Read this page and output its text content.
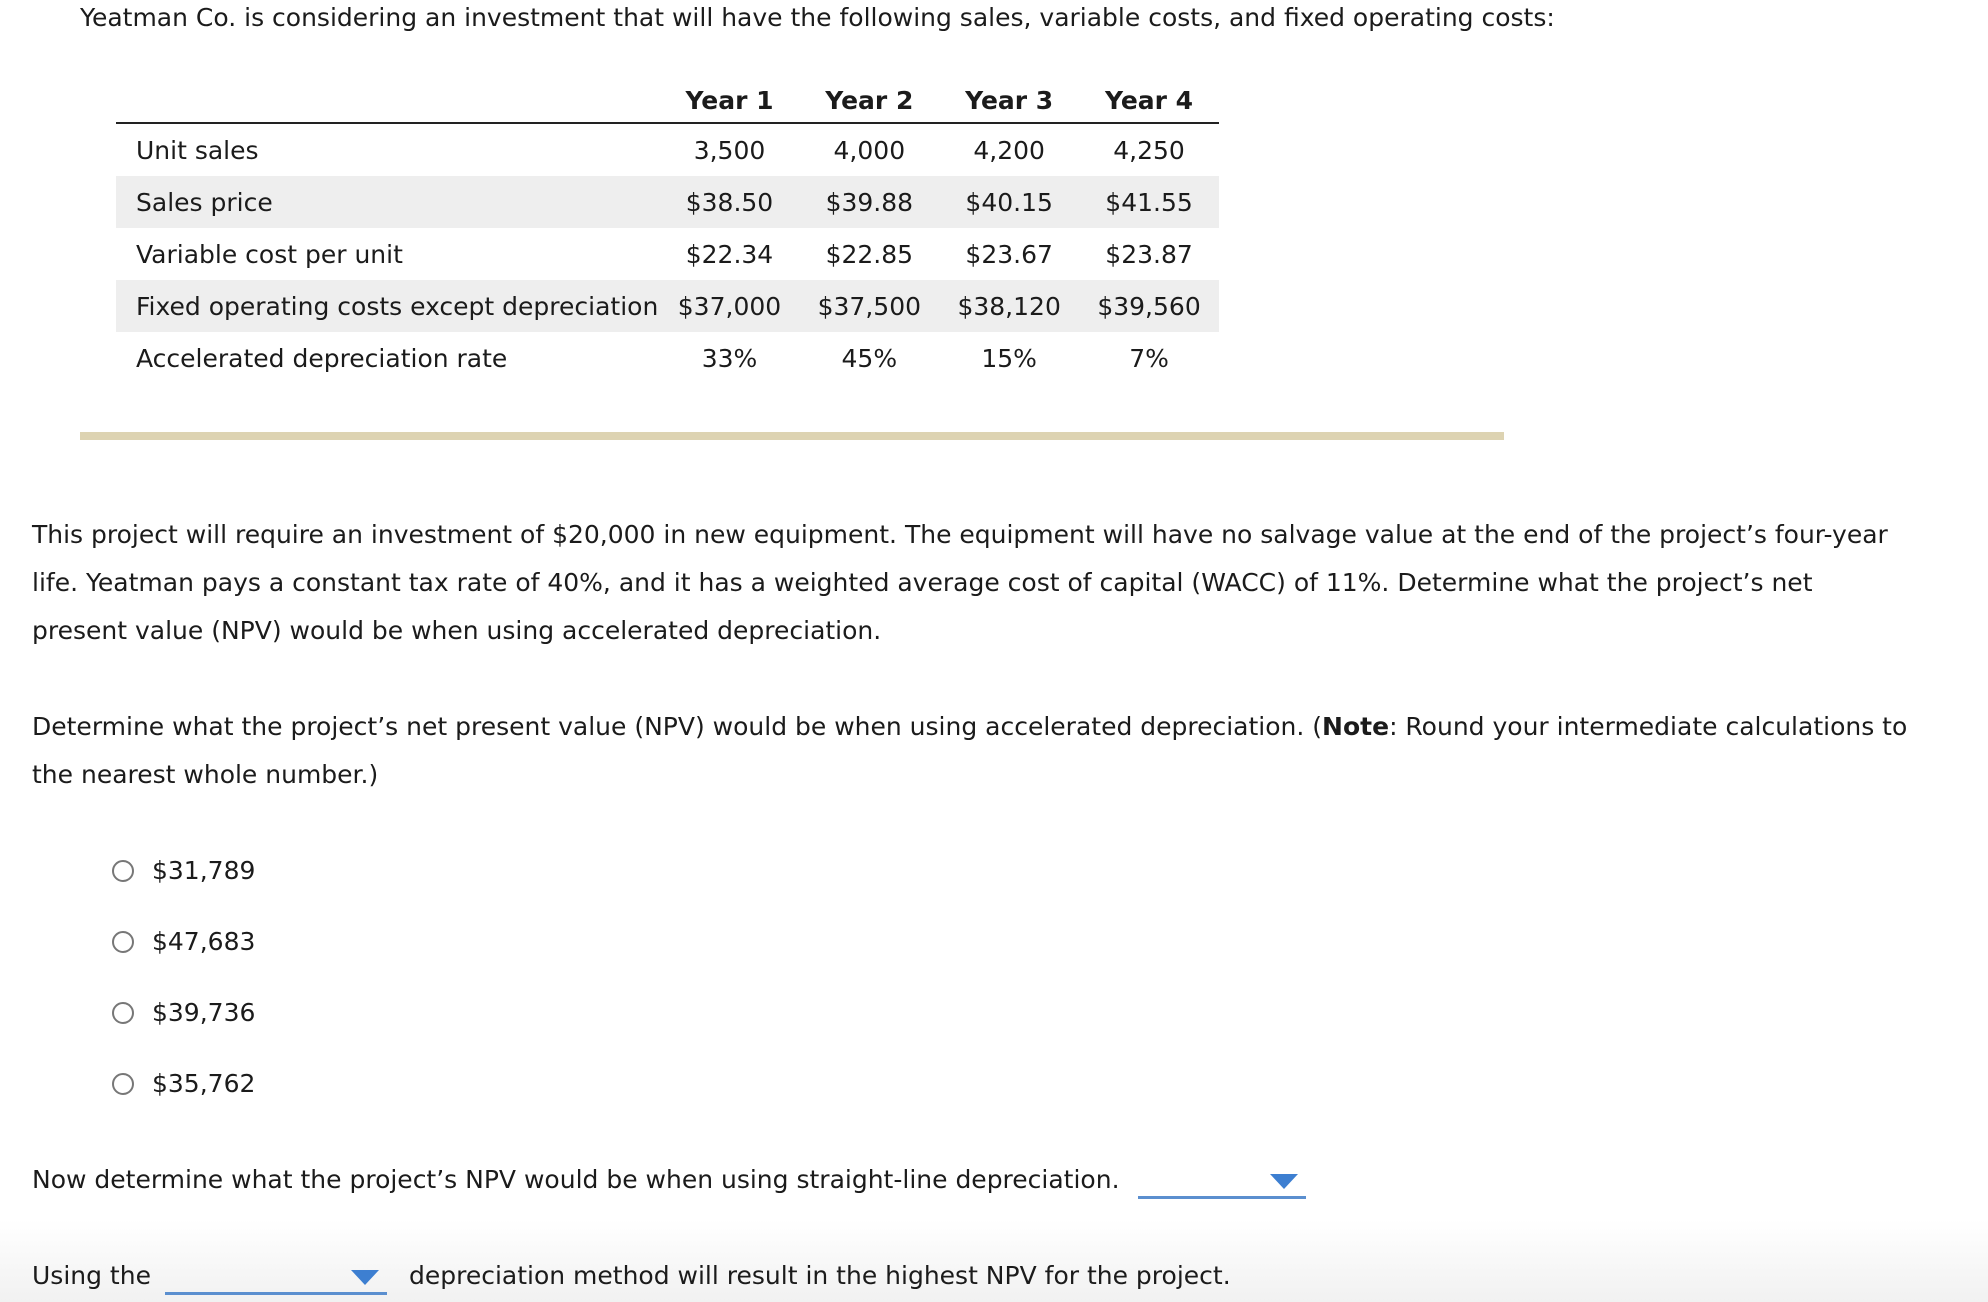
Yeatman Co. is considering an investment that will have the following sales, variable costs, and fixed operating costs:
	Year 1	Year 2	Year 3	Year 4
Unit sales	3,500	4,000	4,200	4,250
Sales price	$38.50	$39.88	$40.15	$41.55
Variable cost per unit	$22.34	$22.85	$23.67	$23.87
Fixed operating costs except depreciation	$37,000	$37,500	$38,120	$39,560
Accelerated depreciation rate	33%	45%	15%	7%
This project will require an investment of $20,000 in new equipment. The equipment will have no salvage value at the end of the project’s four-year life. Yeatman pays a constant tax rate of 40%, and it has a weighted average cost of capital (WACC) of 11%. Determine what the project’s net present value (NPV) would be when using accelerated depreciation.
Determine what the project’s net present value (NPV) would be when using accelerated depreciation. (Note: Round your intermediate calculations to the nearest whole number.)
$31,789
$47,683
$39,736
$35,762
Now determine what the project’s NPV would be when using straight-line depreciation.
Using the	depreciation method will result in the highest NPV for the project.
